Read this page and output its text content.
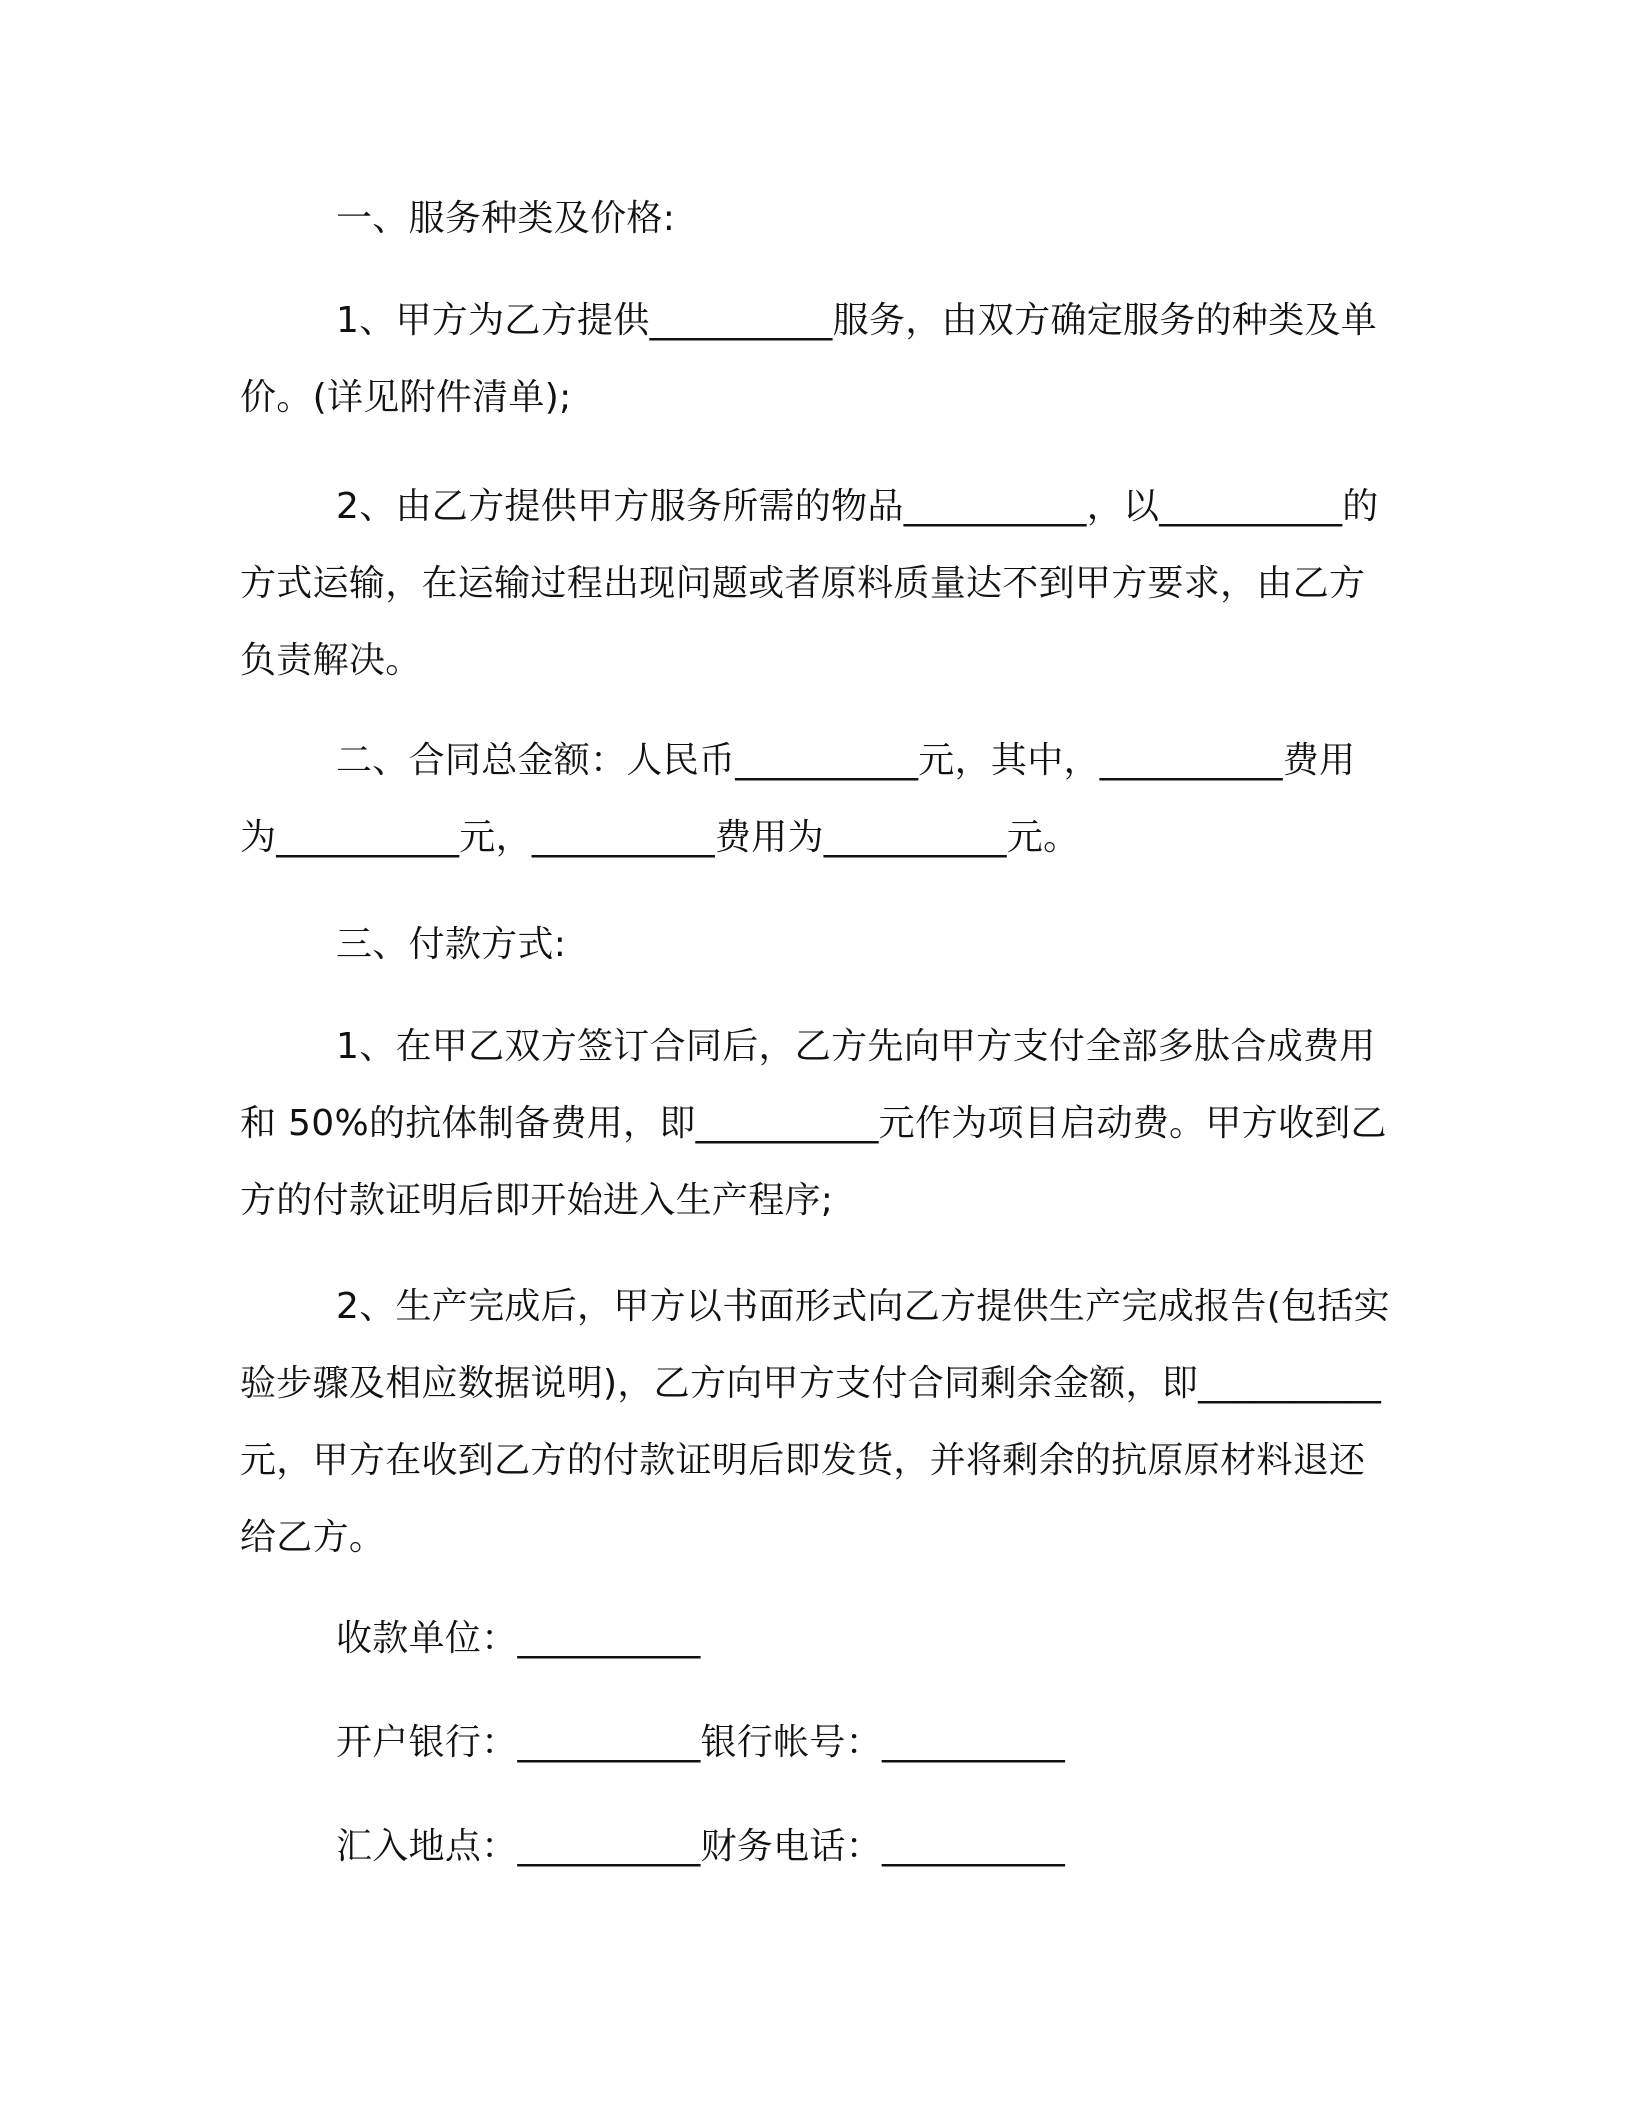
一、服务种类及价格:
1、甲方为乙方提供__________服务，由双方确定服务的种类及单价。(详见附件清单);
2、由乙方提供甲方服务所需的物品__________，以__________的方式运输，在运输过程出现问题或者原料质量达不到甲方要求，由乙方负责解决。
二、合同总金额：人民币__________元，其中，__________费用为__________元，__________费用为__________元。
三、付款方式:
1、在甲乙双方签订合同后，乙方先向甲方支付全部多肽合成费用和 50%的抗体制备费用，即__________元作为项目启动费。甲方收到乙方的付款证明后即开始进入生产程序;
2、生产完成后，甲方以书面形式向乙方提供生产完成报告(包括实验步骤及相应数据说明)，乙方向甲方支付合同剩余金额，即__________元，甲方在收到乙方的付款证明后即发货，并将剩余的抗原原材料退还给乙方。
收款单位：__________
开户银行：__________银行帐号：__________
汇入地点：__________财务电话：__________
